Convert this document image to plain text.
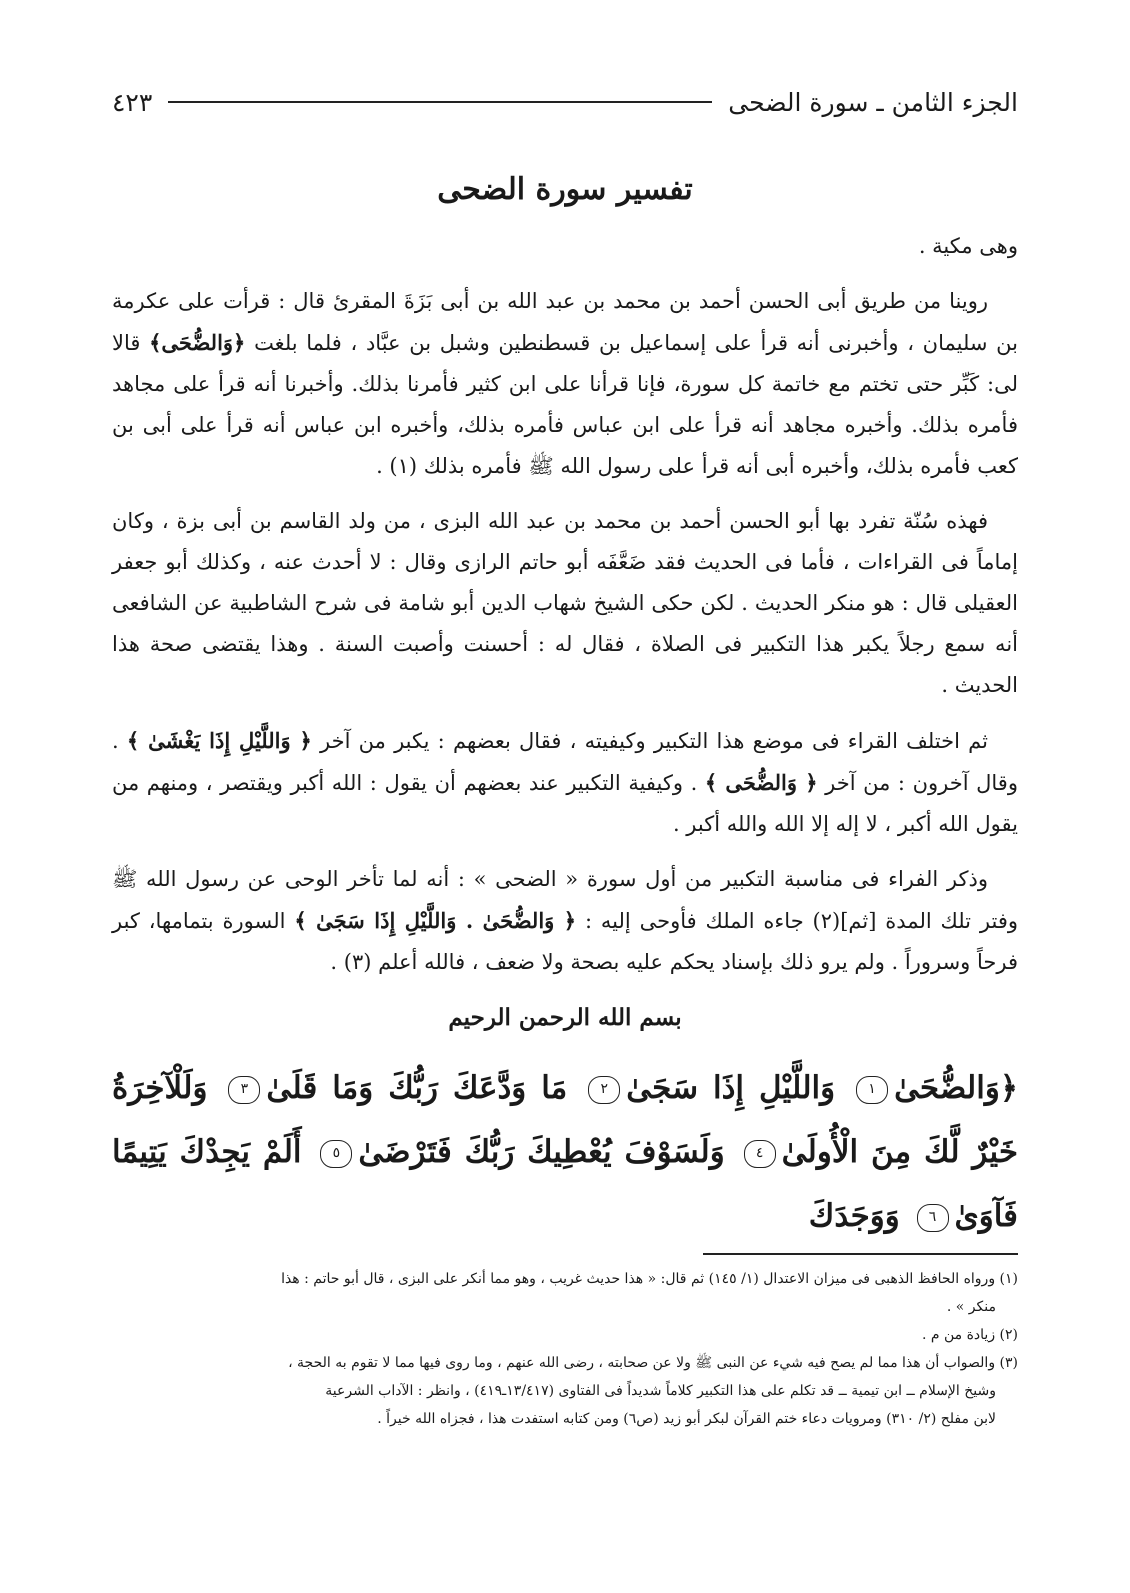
الجزء الثامن ـ سورة الضحى
٤٢٣
تفسير سورة الضحى

وهى مكية .

روينا من طريق أبى الحسن أحمد بن محمد بن عبد الله بن أبى بَزَةَ المقرئ قال : قرأت على عكرمة بن سليمان ، وأخبرنى أنه قرأ على إسماعيل بن قسطنطين وشبل بن عبَّاد ، فلما بلغت ﴿وَالضُّحَى﴾ قالا لى: كَبِّر حتى تختم مع خاتمة كل سورة، فإنا قرأنا على ابن كثير فأمرنا بذلك. وأخبرنا أنه قرأ على مجاهد فأمره بذلك. وأخبره مجاهد أنه قرأ على ابن عباس فأمره بذلك، وأخبره ابن عباس أنه قرأ على أبى بن كعب فأمره بذلك، وأخبره أبى أنه قرأ على رسول الله ﷺ فأمره بذلك (١) .

فهذه سُنّة تفرد بها أبو الحسن أحمد بن محمد بن عبد الله البزى ، من ولد القاسم بن أبى بزة ، وكان إماماً فى القراءات ، فأما فى الحديث فقد ضَعَّفَه أبو حاتم الرازى وقال : لا أحدث عنه ، وكذلك أبو جعفر العقيلى قال : هو منكر الحديث . لكن حكى الشيخ شهاب الدين أبو شامة فى شرح الشاطبية عن الشافعى أنه سمع رجلاً يكبر هذا التكبير فى الصلاة ، فقال له : أحسنت وأصبت السنة . وهذا يقتضى صحة هذا الحديث .

ثم اختلف القراء فى موضع هذا التكبير وكيفيته ، فقال بعضهم : يكبر من آخر ﴿ وَاللَّيْلِ إِذَا يَغْشَىٰ ﴾ . وقال آخرون : من آخر ﴿ وَالضُّحَى ﴾ . وكيفية التكبير عند بعضهم أن يقول : الله أكبر ويقتصر ، ومنهم من يقول الله أكبر ، لا إله إلا الله والله أكبر .

وذكر الفراء فى مناسبة التكبير من أول سورة « الضحى » : أنه لما تأخر الوحى عن رسول الله ﷺ وفتر تلك المدة [ثم](٢) جاءه الملك فأوحى إليه : ﴿ وَالضُّحَىٰ . وَاللَّيْلِ إِذَا سَجَىٰ ﴾ السورة بتمامها، كبر فرحاً وسروراً . ولم يرو ذلك بإسناد يحكم عليه بصحة ولا ضعف ، فالله أعلم (٣) .

بسم الله الرحمن الرحيم
﴿وَالضُّحَىٰ١ وَاللَّيْلِ إِذَا سَجَىٰ٢ مَا وَدَّعَكَ رَبُّكَ وَمَا قَلَىٰ٣ وَلَلْآخِرَةُ خَيْرٌ لَّكَ مِنَ الْأُولَىٰ٤ وَلَسَوْفَ يُعْطِيكَ رَبُّكَ فَتَرْضَىٰ٥ أَلَمْ يَجِدْكَ يَتِيمًا فَآوَىٰ٦ وَوَجَدَكَ

(١) ورواه الحافظ الذهبى فى ميزان الاعتدال (١/ ١٤٥) ثم قال: « هذا حديث غريب ، وهو مما أنكر على البزى ، قال أبو حاتم : هذا

منكر » .

(٢) زيادة من م .

(٣) والصواب أن هذا مما لم يصح فيه شيء عن النبى ﷺ ولا عن صحابته ، رضى الله عنهم ، وما روى فيها مما لا تقوم به الحجة ،

وشيخ الإسلام ــ ابن تيمية ــ قد تكلم على هذا التكبير كلاماً شديداً فى الفتاوى (١٣/٤١٧ـ٤١٩) ، وانظر : الآداب الشرعية

لابن مفلح (٢/ ٣١٠) ومرويات دعاء ختم القرآن لبكر أبو زيد (ص٦) ومن كتابه استفدت هذا ، فجزاه الله خيراً .
